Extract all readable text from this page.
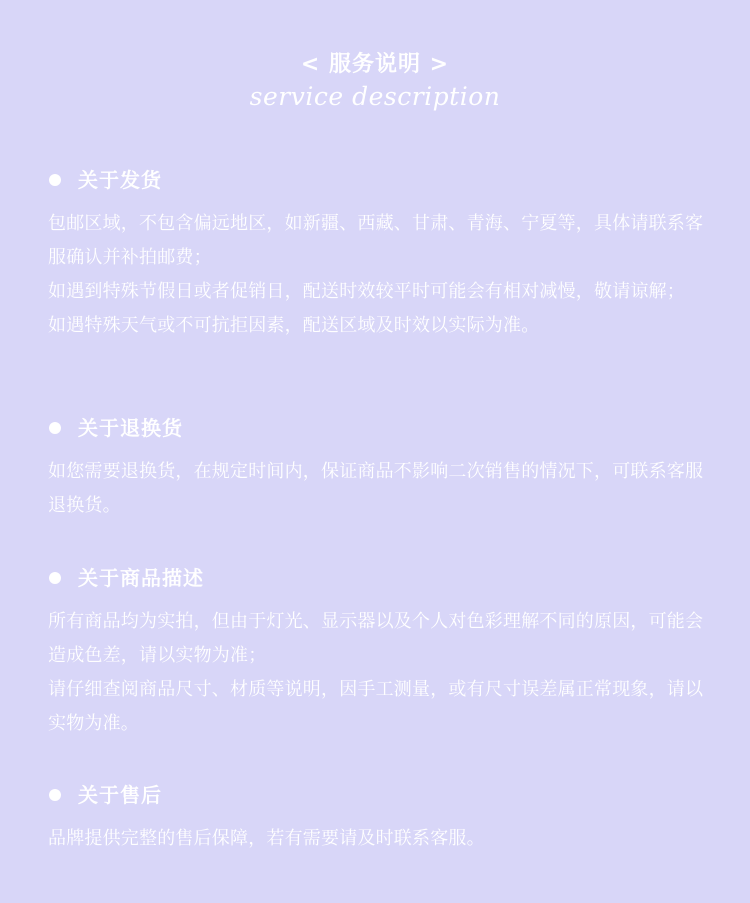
< 服务说明 >
service description
关于发货
包邮区域，不包含偏远地区，如新疆、西藏、甘肃、青海、宁夏等，具体请联系客服确认并补拍邮费；
如遇到特殊节假日或者促销日，配送时效较平时可能会有相对减慢，敬请谅解；
如遇特殊天气或不可抗拒因素，配送区域及时效以实际为准。
关于退换货
如您需要退换货，在规定时间内，保证商品不影响二次销售的情况下，可联系客服退换货。
关于商品描述
所有商品均为实拍，但由于灯光、显示器以及个人对色彩理解不同的原因，可能会造成色差，请以实物为准；
请仔细查阅商品尺寸、材质等说明，因手工测量，或有尺寸误差属正常现象，请以实物为准。
关于售后
品牌提供完整的售后保障，若有需要请及时联系客服。
